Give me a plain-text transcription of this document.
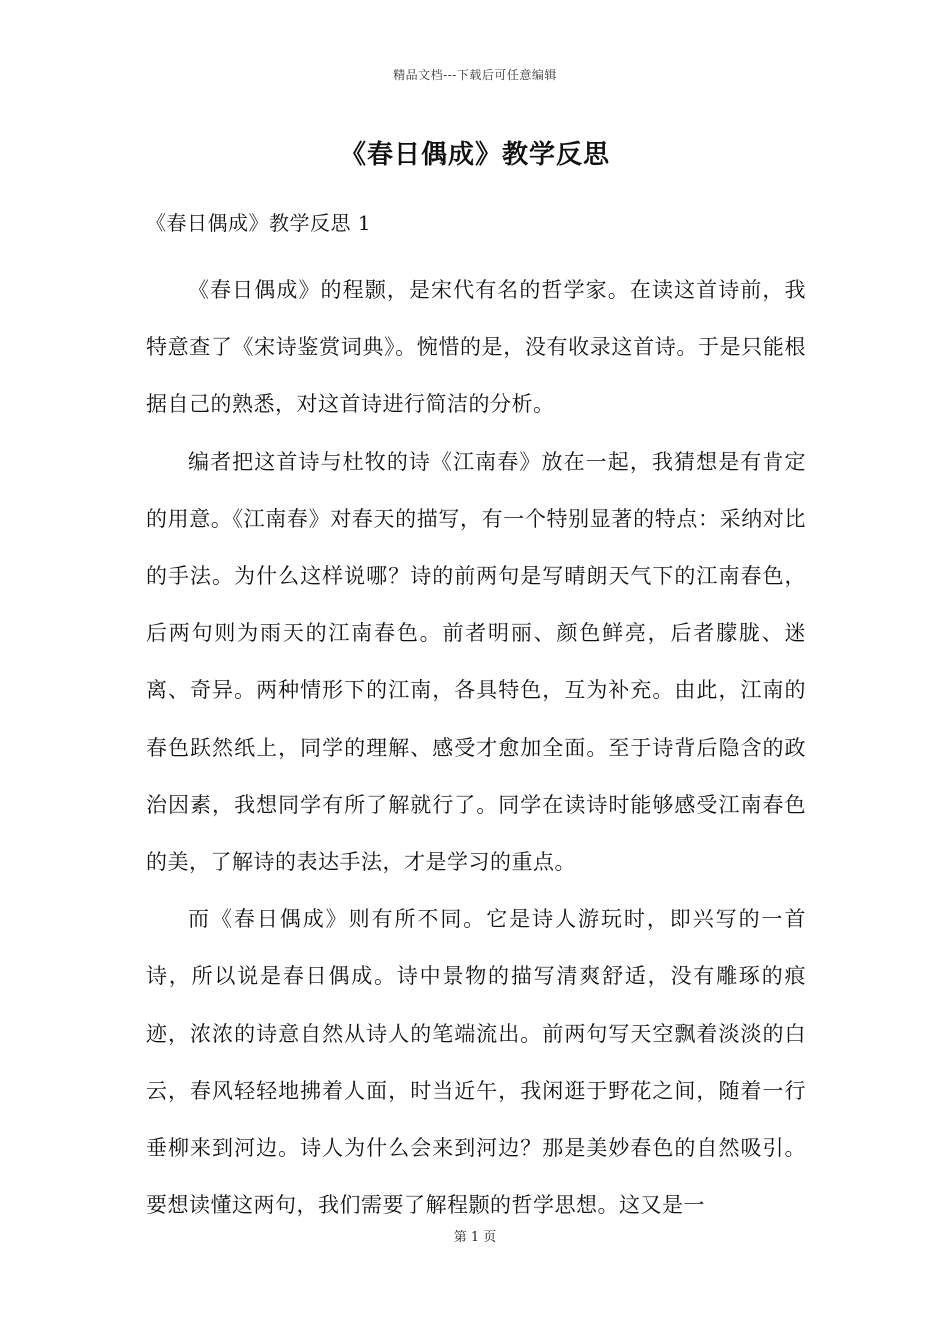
精品文档---下载后可任意编辑
《春日偶成》教学反思
《春日偶成》教学反思 1

《春日偶成》的程颢，是宋代有名的哲学家。在读这首诗前，我特意查了《宋诗鉴赏词典》。惋惜的是，没有收录这首诗。于是只能根据自己的熟悉，对这首诗进行简洁的分析。

编者把这首诗与杜牧的诗《江南春》放在一起，我猜想是有肯定的用意。《江南春》对春天的描写，有一个特别显著的特点：采纳对比的手法。为什么这样说哪？诗的前两句是写晴朗天气下的江南春色，后两句则为雨天的江南春色。前者明丽、颜色鲜亮，后者朦胧、迷离、奇异。两种情形下的江南，各具特色，互为补充。由此，江南的春色跃然纸上，同学的理解、感受才愈加全面。至于诗背后隐含的政治因素，我想同学有所了解就行了。同学在读诗时能够感受江南春色的美，了解诗的表达手法，才是学习的重点。

而《春日偶成》则有所不同。它是诗人游玩时，即兴写的一首诗，所以说是春日偶成。诗中景物的描写清爽舒适，没有雕琢的痕迹，浓浓的诗意自然从诗人的笔端流出。前两句写天空飘着淡淡的白云，春风轻轻地拂着人面，时当近午，我闲逛于野花之间，随着一行垂柳来到河边。诗人为什么会来到河边？那是美妙春色的自然吸引。要想读懂这两句，我们需要了解程颢的哲学思想。这又是一

第 1 页
